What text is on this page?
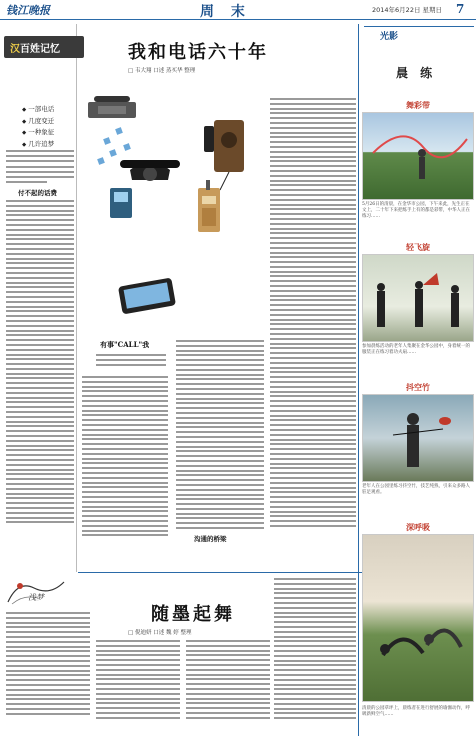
钱江晚报	周 末	2014年6月22日 星期日 7
汉百姓记忆
◆ 一部电话
◆ 几度变迁
◆ 一种象征
◆ 几许追梦
我和电话六十年
□ 韦大翔 口述 蒸买华 整理
付不起的话费
有事"CALL"我
沟通的桥梁
浅梦
随墨起舞
□ 倪迪妍 口述 魏 婷 整理
光影
晨 练
舞彩带
5月26日的清晨，在金华市公园，下午来此，先生正在文上，二十年下来把练手上有的都是彩带，中华人正在练习……
轻飞旋
参加晨练活动的老年人集聚在金华公园中，身着统一的服装正在练习着功夫扇……
抖空竹
老年人在公园里练习抖空竹，技艺纯熟，引来众多路人驻足观看。
深呼吸
清晨的公园草坪上，晨练者在进行舒展的瑜伽动作，呼吸新鲜空气……
